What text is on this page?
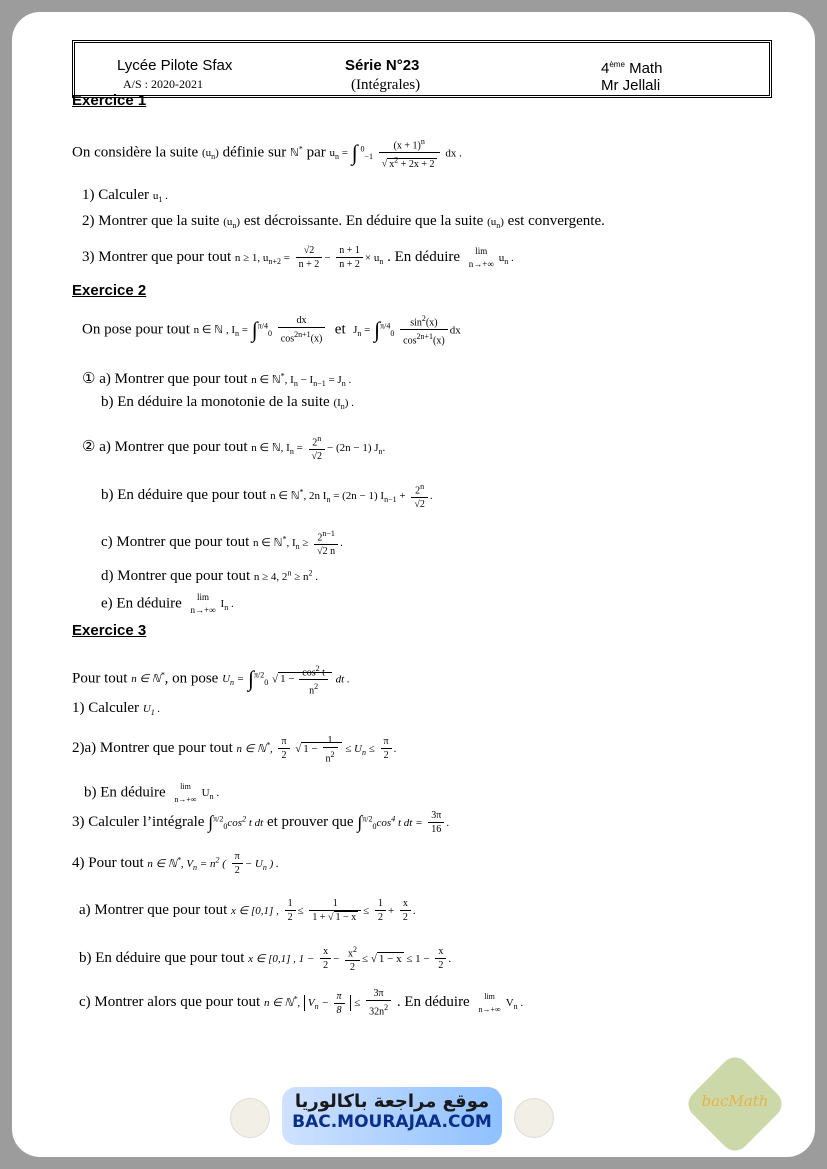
Lycée Pilote Sfax
A/S : 2020-2021
Série N°23
(Intégrales)
4ème Math
Mr Jellali
Exercice 1
On considère la suite $(u_n)$ définie sur ℕ* par $u_n$ = ∫ $^0_{-1} \frac{(x + 1)^n}{√ x^2 + 2x + 2}$ dx .
1) Calculer $u_1$ .
2) Montrer que la suite $(u_n)$ est décroissante. En déduire que la suite $(u_n)$ est convergente.
3) Montrer que pour tout n ≥ 1, $u_{n+2} = \frac{√2}{n + 2} - \frac{n + 1}{n + 2} \times u_n$ . En déduire	lim
n→+∞ $u_n$ .
Exercice 2
On pose pour tout n ∈ ℕ , $I_n = \int^{\pi/4}_0 \frac{dx}{\cos^{2n+1}(x)}$ et $J_n = \int^{\pi/4}_0 \frac{\sin^2(x)}{\cos^{2n+1}(x)}$ dx
① a) Montrer que pour tout n ∈ ℕ*, $I_n - I_{n-1} = J_n$ .
b) En déduire la monotonie de la suite $(I_n)$ .
② a) Montrer que pour tout n ∈ ℕ, $I_n = \frac{2^n}{√2} - (2n - 1)$ $J_n$.
b) En déduire que pour tout n ∈ ℕ*, 2n $I_n = (2n - 1) I_{n-1} + \frac{2^n}{√2}$ .
c) Montrer que pour tout n ∈ ℕ*, $I_n \ge \frac{2^{n-1}}{√2 n}$ .
d) Montrer que pour tout n ≥ 4, $2^n \ge n^2$ .
e) En déduire	lim
n→+∞ $I_n$ .
Exercice 3
Pour tout n ∈ ℕ*, on pose $U_n = \int^{\pi/2}_0$ √ $1 - \frac{\cos^2 t}{n^2}$ dt .
1) Calculer $U_1$ .
2)a) Montrer que pour tout n ∈ ℕ*, $\frac{\pi}{2}$ √ $1 - \frac{1}{n^2} \le U_n \le \frac{\pi}{2}$ .
b) En déduire	lim
n→+∞
$U_n$ .
3) Calculer l’intégrale $\int^{\pi/2}_0\cos^2$ t dt et prouver que $\int^{\pi/2}_0\cos^4$ t dt = $\frac{3\pi}{16}$ .
4) Pour tout n ∈ ℕ*, $V_n = n^2$ ( $\frac{\pi}{2} - U_n$ ) .
a) Montrer que pour tout x ∈ [0,1] , $\frac{1}{2} \le \frac{1}{1 + √ 1 - x} \le \frac{1}{2} + \frac{x}{2}$ .
b) En déduire que pour tout x ∈ [0,1] , $1 - \frac{x}{2} - \frac{x^2}{2}$ ≤ √ $1 - x \le 1 - \frac{x}{2}$ .
c) Montrer alors que pour tout n ∈ ℕ*, $V_n - \frac{\pi}{8} \le \frac{3\pi}{32n^2}$ . En déduire	lim
n→+∞
$V_n$ .
موقع مراجعة باكالوريا
BAC.MOURAJAA.COM
bacMath
